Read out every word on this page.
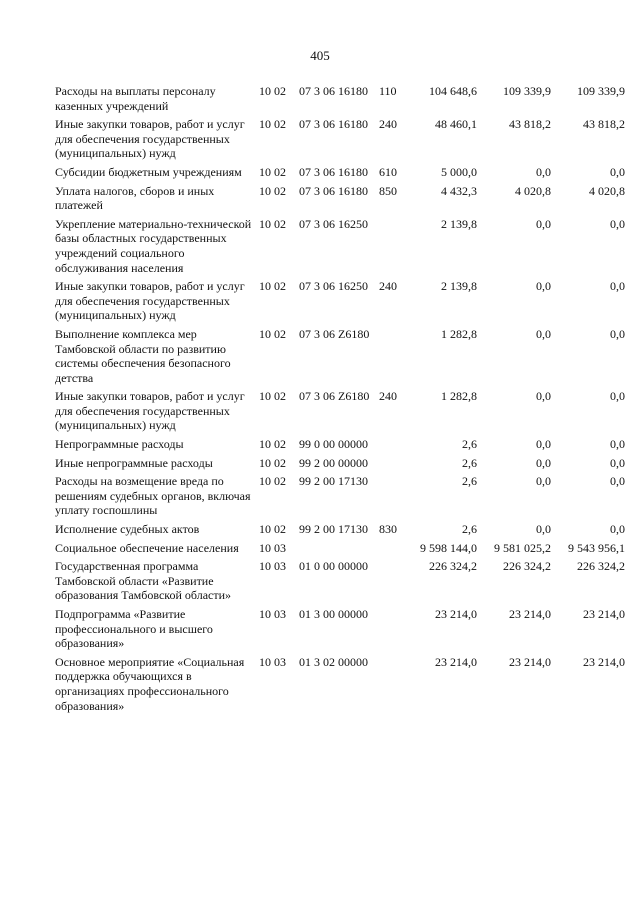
405
Расходы на выплаты персоналу казенных учреждений	10 02	07 3 06 16180	110	104 648,6	109 339,9	109 339,9
Иные закупки товаров, работ и услуг для обеспечения государственных (муниципальных) нужд	10 02	07 3 06 16180	240	48 460,1	43 818,2	43 818,2
Субсидии бюджетным учреждениям	10 02	07 3 06 16180	610	5 000,0	0,0	0,0
Уплата налогов, сборов и иных платежей	10 02	07 3 06 16180	850	4 432,3	4 020,8	4 020,8
Укрепление материально-технической базы областных государственных учреждений социального обслуживания населения	10 02	07 3 06 16250		2 139,8	0,0	0,0
Иные закупки товаров, работ и услуг для обеспечения государственных (муниципальных) нужд	10 02	07 3 06 16250	240	2 139,8	0,0	0,0
Выполнение комплекса мер Тамбовской области по развитию системы обеспечения безопасного детства	10 02	07 3 06 Z6180		1 282,8	0,0	0,0
Иные закупки товаров, работ и услуг для обеспечения государственных (муниципальных) нужд	10 02	07 3 06 Z6180	240	1 282,8	0,0	0,0
Непрограммные расходы	10 02	99 0 00 00000		2,6	0,0	0,0
Иные непрограммные расходы	10 02	99 2 00 00000		2,6	0,0	0,0
Расходы на возмещение вреда по решениям судебных органов, включая уплату госпошлины	10 02	99 2 00 17130		2,6	0,0	0,0
Исполнение судебных актов	10 02	99 2 00 17130	830	2,6	0,0	0,0
Социальное обеспечение населения	10 03			9 598 144,0	9 581 025,2	9 543 956,1
Государственная программа Тамбовской области «Развитие образования Тамбовской области»	10 03	01 0 00 00000		226 324,2	226 324,2	226 324,2
Подпрограмма «Развитие профессионального и высшего образования»	10 03	01 3 00 00000		23 214,0	23 214,0	23 214,0
Основное мероприятие «Социальная поддержка обучающихся в организациях профессионального образования»	10 03	01 3 02 00000		23 214,0	23 214,0	23 214,0
